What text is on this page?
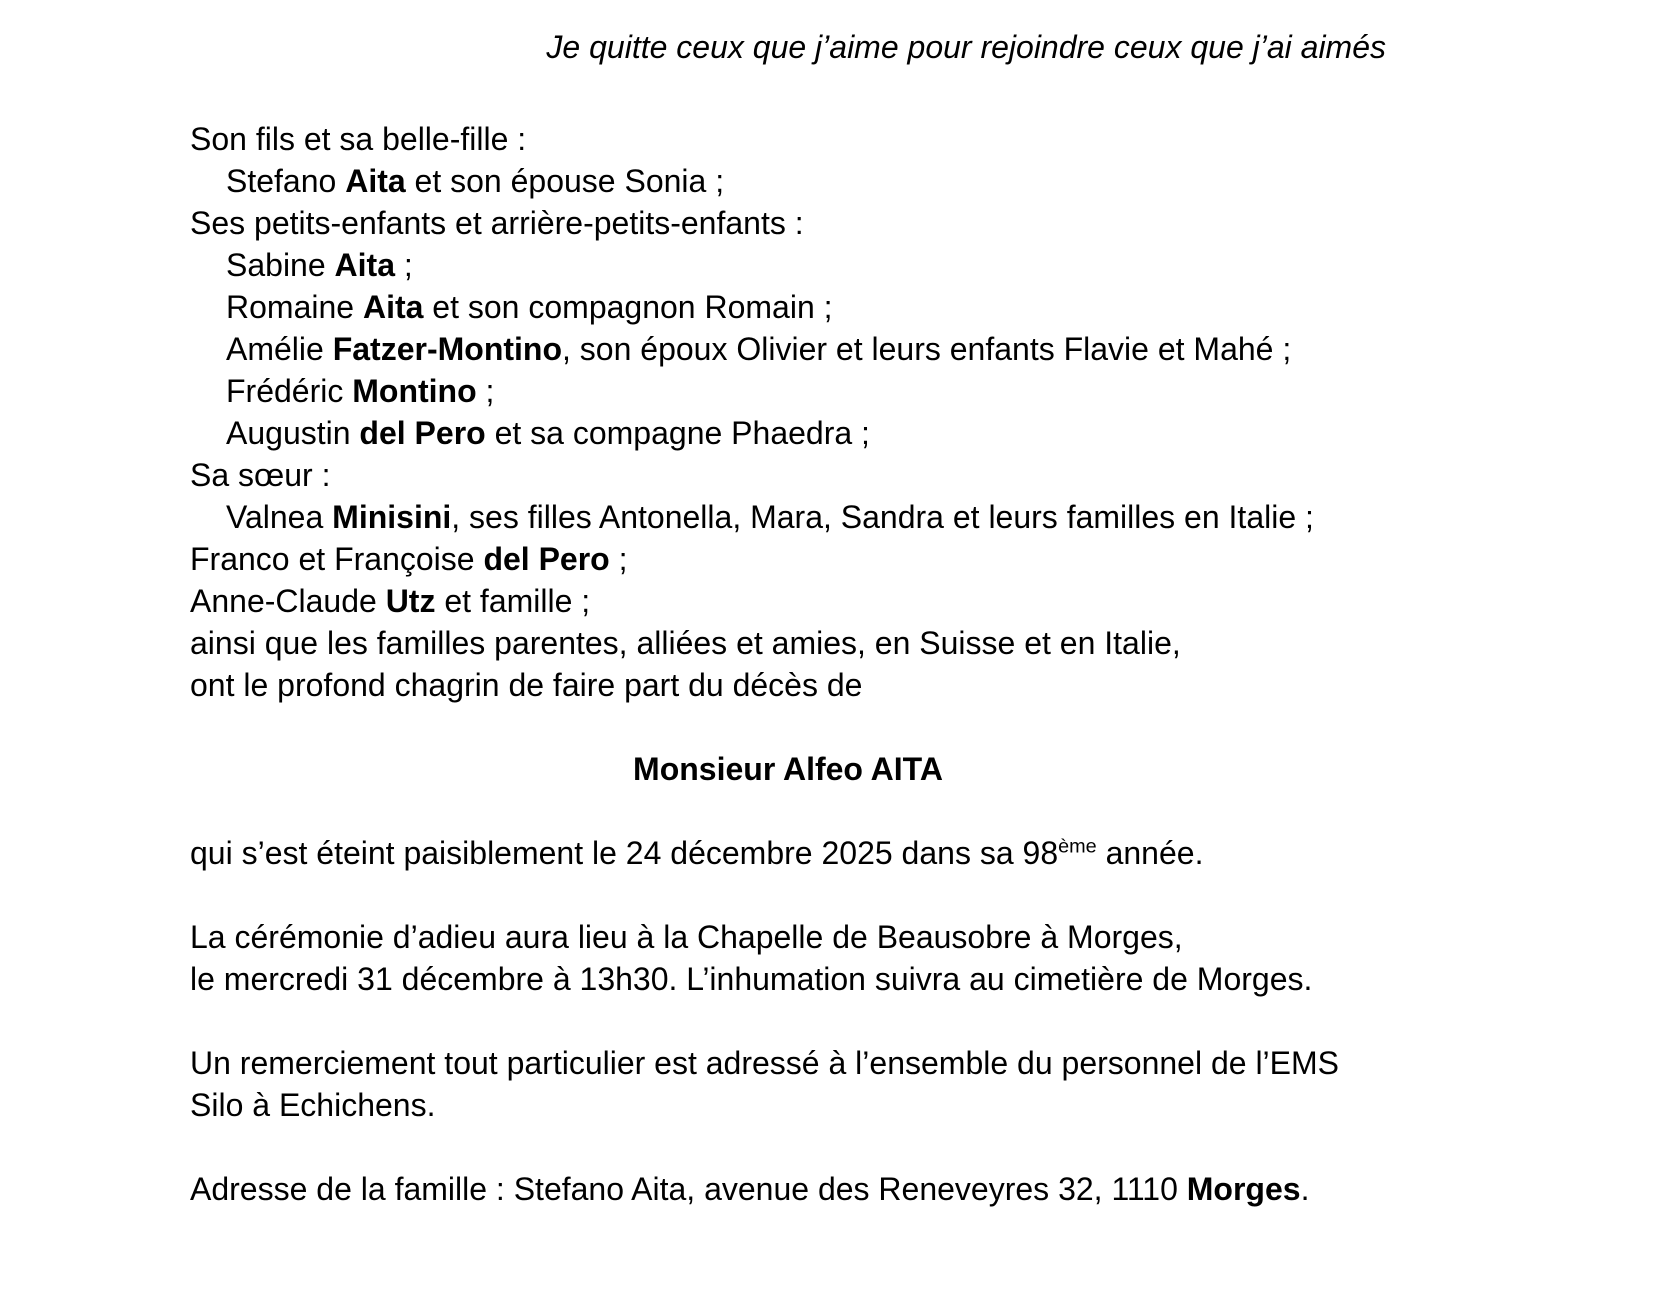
Je quitte ceux que j’aime pour rejoindre ceux que j’ai aimés
Son fils et sa belle-fille :
Stefano Aita et son épouse Sonia ;
Ses petits-enfants et arrière-petits-enfants :
Sabine Aita ;
Romaine Aita et son compagnon Romain ;
Amélie Fatzer-Montino, son époux Olivier et leurs enfants Flavie et Mahé ;
Frédéric Montino ;
Augustin del Pero et sa compagne Phaedra ;
Sa sœur :
Valnea Minisini, ses filles Antonella, Mara, Sandra et leurs familles en Italie ;
Franco et Françoise del Pero ;
Anne-Claude Utz et famille ;
ainsi que les familles parentes, alliées et amies, en Suisse et en Italie,
ont le profond chagrin de faire part du décès de
Monsieur Alfeo AITA
qui s’est éteint paisiblement le 24 décembre 2025 dans sa 98ème année.
La cérémonie d’adieu aura lieu à la Chapelle de Beausobre à Morges,
le mercredi 31 décembre à 13h30. L’inhumation suivra au cimetière de Morges.
Un remerciement tout particulier est adressé à l’ensemble du personnel de l’EMS
Silo à Echichens.
Adresse de la famille : Stefano Aita, avenue des Reneveyres 32, 1110 Morges.
